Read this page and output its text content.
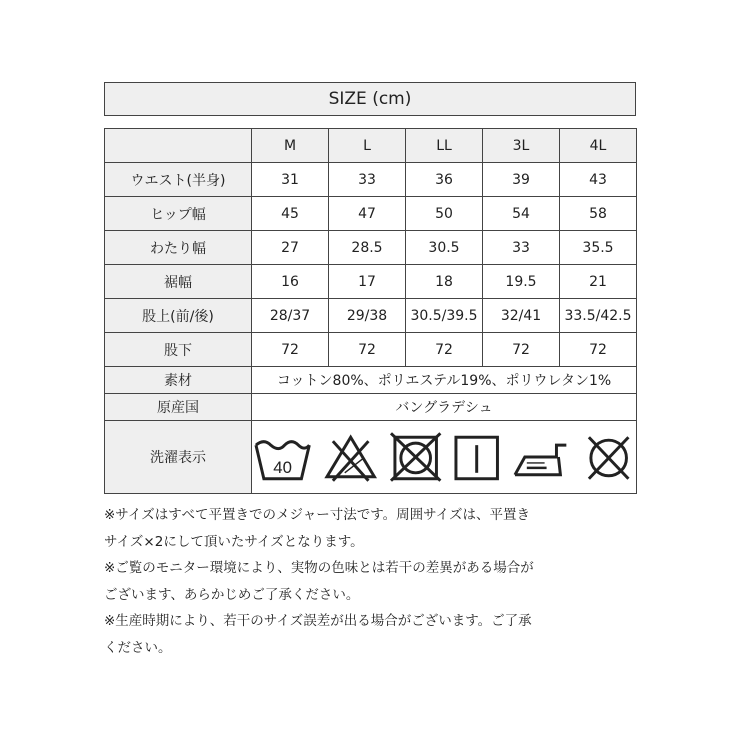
SIZE (cm)
	M	L	LL	3L	4L
ウエスト(半身)	31	33	36	39	43
ヒップ幅	45	47	50	54	58
わたり幅	27	28.5	30.5	33	35.5
裾幅	16	17	18	19.5	21
股上(前/後)	28/37	29/38	30.5/39.5	32/41	33.5/42.5
股下	72	72	72	72	72
素材	コットン80%、ポリエステル19%、ポリウレタン1%				
原産国	バングラデシュ				
洗濯表示	40				

※サイズはすべて平置きでのメジャー寸法です。周囲サイズは、平置き

サイズ×2にして頂いたサイズとなります。

※ご覧のモニター環境により、実物の色味とは若干の差異がある場合が

ございます、あらかじめご了承ください。

※生産時期により、若干のサイズ誤差が出る場合がございます。ご了承

ください。
